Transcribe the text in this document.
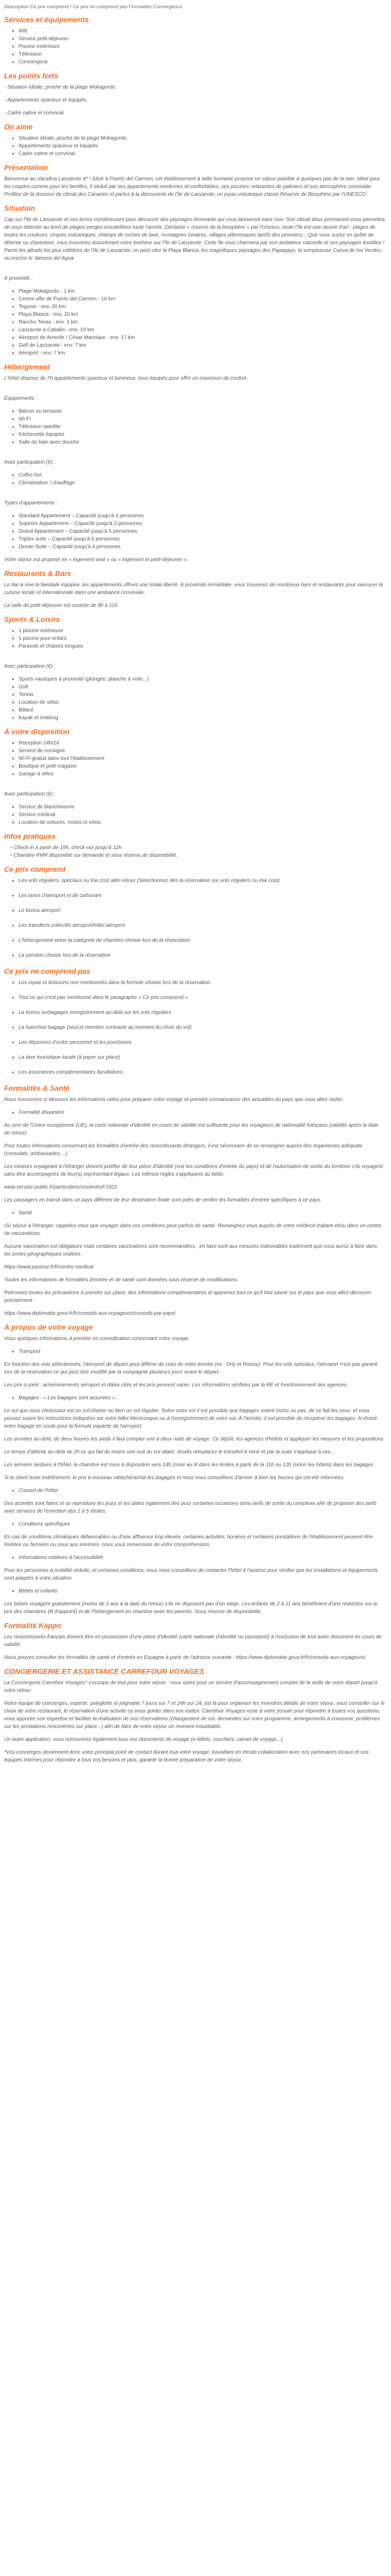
Description Ce prix comprend / Ce prix ne comprend pas Formalités Convergence

Services et équipements
• Wifi
• Service petit-déjeuner
• Piscine extérieure
• Télévision
• Conciergerie
Les points forts

- Situation idéale, proche de la plage Mokagordo.

- Appartements spacieux et équipés.

- Cadre calme et convivial.

On aime
• Situation idéale, proche de la plage Mokagordo.
• Appartements spacieux et équipés.
• Cadre calme et convivial.
Présentation

Bienvenue au Vacafina Lanzarote 4* ! Situé à Puerto del Carmen, cet établissement à taille humaine propose un séjour paisible à quelques pas de la mer. Idéal pour les couples comme pour les familles, il séduit par ses appartements modernes et confortables, ses piscines relaxantes de palmiers et son atmosphère conviviale. Profitez de la douceur de climat des Canaries et partez à la découverte de l'île de Lanzarote, un joyau volcanique classé Réserve de Biosphère par l'UNESCO.

Situation

Cap sur l'île de Lanzarote et ses terres mystérieuses pour découvrir des paysages étonnants qui vous laisseront sans voix. Son climat doux permanent vous permettra de vous délecter au bord de plages vierges ensoleillées toute l'année. Déclarée « réserve de la biosphère » par l'Unesco, toute l'île est une œuvre d'art : plages de toutes les couleurs, cirques volcaniques, champs de roches de lave, montagnes lunaires, villages pittoresques tantôt des pionniers... Que vous soyez en quête de détente ou d'aventure, vous trouverez assurément votre bonheur sur l'île de Lanzarote. Cette île vous charmera par son ambiance naturelle et ses paysages insolites ! Parmi les attraits les plus célèbres de l'île de Lanzarote, on peut citer la Playa Blanca, les magnifiques paysages des Papagayo, la somptueuse Cueva de los Verdes, ou encore le Jameos del Agua.

A proximité :

• Plage Mokagordo - 1 km
• Centre-ville de Puerto del Carmen - 16 km
• Teguise - env. 20 km
• Playa Blanca - env. 20 km
• Rancho Texas - env. 3 km
• Lanzarote a Caballo - env. 15 km
• Aéroport de Arrecife / César Manrique - env. 17 km
• Golf de Lanzarote - env. 7 km
• Aéroport - env. 7 km
Hébergement

L'hôtel dispose de 70 appartements spacieux et lumineux, tous équipés pour offrir un maximum de confort.

Équipements :

• Balcon ou terrasse
• Wi-Fi
• Télévision satellite
• Kitchenette équipée
• Salle de bain avec douche

Avec participation (€) :

• Coffre-fort
• Climatisation / chauffage

Types d'appartements :

• Standard Appartement – Capacité jusqu'à 3 personnes
• Superior Appartement – Capacité jusqu'à 3 personnes
• Grand Appartement – Capacité jusqu'à 5 personnes
• Triplex suite – Capacité jusqu'à 5 personnes
• Ocean Suite – Capacité jusqu'à 4 personnes

Votre séjour est proposé en « logement seul » ou « logement et petit-déjeuner ».

Restaurants & Bars

Le bar-à vive la familiale équipée, les appartements offrent une totale liberté. À proximité immédiate, vous trouverez de nombreux bars et restaurants pour savourer la cuisine locale et internationale dans une ambiance conviviale.

La salle du petit-déjeuner est ouverte de 9h à 11h.

Sports & Loisirs
• 1 piscine extérieure
• 1 piscine pour enfant
• Parasols et chaises longues

Avec participation (€) :

• Sports nautiques à proximité (plongée, planche à voile...)
• Golf
• Tennis
• Location de vélos
• Billard
• Kayak et trekking
À votre disposition
• Réception 24h/24
• Service de consigne
• Wi-Fi gratuit dans tout l'établissement
• Boutique et petit magasin
• Garage à vélos

Avec participation (€) :

• Service de blanchisserie
• Service médical
• Location de voitures, motos et vélos
Infos pratiques
• Check-in à partir de 16h, check-out jusqu'à 12h
• Chambre PMR disponible sur demande et sous réserve de disponibilité.
Ce prix comprend
• Les vols réguliers, spéciaux ou low cost aller-retour (Sélectionnez dès la réservation sur vols réguliers ou low cost)
• Les taxes d'aéroport et de carburant
• Le bonus aéroport
• Les transferts collectifs aéroport/hôtel aéroport
• L'hébergement selon la catégorie de chambre choisie lors de la réservation
• La pension choisie lors de la réservation
Ce prix ne comprend pas
• Les repas et boissons non mentionnés dans la formule choisie lors de la réservation
• Tout ce qui n'est pas mentionné dans le paragraphe « Ce prix comprend »
• La bonus surbagages enregistrement au-delà sur les vols réguliers
• La franchise bagage (seul et membre contracte au moment du choix du vol)
• Les dépenses d'ordre personnel et les pourboires
• La taxe touristique locale (à payer sur place)
• Les assurances complémentaires facultatives
Formalités & Santé

Nous trouverons ci-dessous les informations utiles pour préparer votre voyage et prendre connaissance des actualités du pays que vous allez visiter.

• Formalité douanière

Au sein de l'Union européenne (UE), la carte nationale d'identité en cours de validité est suffisante pour les voyageurs de nationalité française (validité après la date de retour).

Pour toutes informations concernant les formalités d'entrée des ressortissants étrangers, il est nécessaire de se renseigner auprès des organismes adéquats (consulats, ambassades,...).

Les mineurs voyageant à l'étranger doivent justifier de leur pièce d'identité (voir les conditions d'entrée du pays) et de l'autorisation de sortie du territoire s'ils voyagent sans être accompagnés de leur(s) représentant légaux. Les mêmes règles s'appliquent au bébé.

www.service-public.fr/particuliers/vosdroits/F1922

Les passagers en transit dans un pays différent de leur destination finale sont priés de vérifier les formalités d'entrée spécifiques à ce pays.

• Santé

Où séjour à l'étranger, rappelez-vous que voyager dans ces conditions peut parfois de santé. Renseignez-vous auprès de votre médecin traitant et/ou dans un centre de vaccinations.

Aucune vaccination est obligatoire mais certaines vaccinations sont recommandées ; en faire sont aux mesures indésirables traitement que vous aurez à faire dans les zones géographiques visitées.

https://www.pasteur.fr/fr/centre-medical

Toutes les informations de formalités d'entrée et de santé sont données sous réserve de modifications.

Retrouvez toutes les précautions à prendre sur place, des informations complémentaires et apprenez tout ce qu'il faut savoir sur le pays que vous allez découvrir précisément :

https://www.diplomatie.gouv.fr/fr/conseils-aux-voyageurs/conseils-par-pays/

À propos de votre voyage

Vous quelques informations à prendre en considération concernant votre voyage.

• Transport

En fonction des vols sélectionnés, l'aéroport de départ peut différer de celui de votre arrivée (ex : Orly et Roissy). Pour les vols spéciaux, l'aéroport n'est pas garanti lors de la réservation ce qui peut être modifié par la compagnie plusieurs jours avant le départ.

Les prix ci-joint : acheminements aéroport et dates cités et les prix peuvent varier. Les informations vérifiées par la RE et fonctionnement des agences.

• Bagages : « Les bagages sont assurées » :

Le vol que vous choisissez est un vol charter ou bien un vol régulier. Selon votre vol il est possible que bagages soient inclus ou pas, de ce fait les ceux, et vous pouvez suivre les instructions indiquées sur votre billet électronique ou à l'enregistrement de votre vol. À l'arrivée, il est possible de récupérer les bagages. A choisir entre bagage en soute pour la formule payante de l'aéroport.

Les arrivées au-delà, de deux heures les pieds il faut compter une à deux nuits de voyage. Ce dépôt, les agences d'hôtels et appliquer les mesures et les propositions.

Le temps d'attente au-delà de 2h ce qui fait du moins une nuit du vol allant. Jeudis remplacez le transfert à venir et par la suite s'applique à ces...

Les arrivées tardives à l'hôtel, la chambre est mise à disposition vers 14h (mise au lit dans les limites à partir de la 11h ou 12h (selon les hôtels) dans les bagages.

Si le client reste indéfiniment, le prix à nouveau rattaché/achat les bagages et nous vous conseillons d'arriver à bien les heures qui ont été informées.

• Conseil de l'hôtel

Des activités sont faites et se reproduire les jours et les dates également des pour certaines occasions et/ou tarifs de sortie du complexe afin de proposer des tarifs avec services de l'entretien des 2 à 5 étoiles.

• Conditions spécifiques

En cas de conditions climatiques défavorables ou d'une affluence trop élevée, certaines activités, horaires et certaines prestations de l'établissement peuvent être limitées ou fermées ou ceux aux environs, nous vous remercions de votre compréhension.

• Informations relatives à l'accessibilité

Pour les personnes à mobilité réduite, et certaines conditions, nous vous conseillons de contacter l'hôtel à l'avance pour vérifier que les installations et équipements sont adaptés à votre situation.

• Bébés et enfants

Les bébés voyagent gratuitement (moins de 2 ans à la date du retour) s'ils ne disposent pas d'un siège. Les enfants de 2 à 11 ans bénéficient d'une réduction sur le prix des chambres (lit d'appoint) et de l'hébergement en chambre avec les parents. Sous réserve de disponibilité.

Formalité Kappo

Les ressortissants français doivent être en possession d'une pièce d'identité (carte nationale d'identité ou passeport) à l'exclusion de tout autre document en cours de validité.

Nous pouvez consulter les formalités de santé et d'entrée en Espagne à partir de l'adresse suivante : https://www.diplomatie.gouv.fr/fr/conseils-aux-voyageurs/

CONCIERGERIE ET ASSISTANCE CARREFOUR VOYAGES

La Conciergerie Carrefour Voyages* s'occupe de tout pour votre séjour : vous optez pour un service d'accompagnement complet de la veille de votre départ jusqu'à votre retour.

Notre équipe de concierges, experte, polyglotte et joignable 7 jours sur 7 et 24h sur 24, est là pour organiser les moindres détails de votre séjour, vous conseiller sur le choix de votre restaurant, le réservation d'une activité ou vous guider dans vos visites. Carrefour Voyages reste à votre écoute pour répondre à toutes vos questions, vous apporter son expertise et faciliter la réalisation de vos réservations (changement de vol, demandes sur votre programme, arrangements à concevoir, problèmes sur les prestations rencontrées sur place...) afin de faire de votre séjour un moment inoubliable.

Un autre application, vous retrouverez également tous vos documents de voyage (e-billets, vouchers, carnet de voyage...).

*Vos concierges deviennent donc votre principal point de contact durant tout votre voyage, travaillant en étroite collaboration avec nos partenaires locaux et nos équipes internes pour répondre à tous vos besoins et plus, garantir la bonne préparation de votre séjour.
